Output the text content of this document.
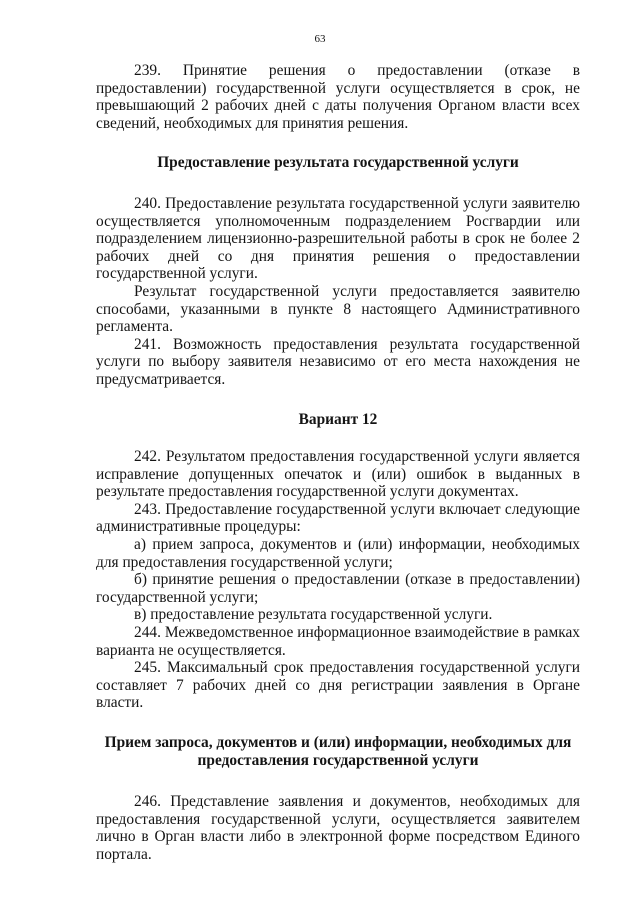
63

239. Принятие решения о предоставлении (отказе в предоставлении) государственной услуги осуществляется в срок, не превышающий 2 рабочих дней с даты получения Органом власти всех сведений, необходимых для принятия решения.

Предоставление результата государственной услуги

240. Предоставление результата государственной услуги заявителю осуществляется уполномоченным подразделением Росгвардии или подразделением лицензионно-разрешительной работы в срок не более 2 рабочих дней со дня принятия решения о предоставлении государственной услуги.

Результат государственной услуги предоставляется заявителю способами, указанными в пункте 8 настоящего Административного регламента.

241. Возможность предоставления результата государственной услуги по выбору заявителя независимо от его места нахождения не предусматривается.

Вариант 12

242. Результатом предоставления государственной услуги является исправление допущенных опечаток и (или) ошибок в выданных в результате предоставления государственной услуги документах.

243. Предоставление государственной услуги включает следующие административные процедуры:

а) прием запроса, документов и (или) информации, необходимых для предоставления государственной услуги;

б) принятие решения о предоставлении (отказе в предоставлении) государственной услуги;

в) предоставление результата государственной услуги.

244. Межведомственное информационное взаимодействие в рамках варианта не осуществляется.

245. Максимальный срок предоставления государственной услуги составляет 7 рабочих дней со дня регистрации заявления в Органе власти.

Прием запроса, документов и (или) информации, необходимых для предоставления государственной услуги

246. Представление заявления и документов, необходимых для предоставления государственной услуги, осуществляется заявителем лично в Орган власти либо в электронной форме посредством Единого портала.
